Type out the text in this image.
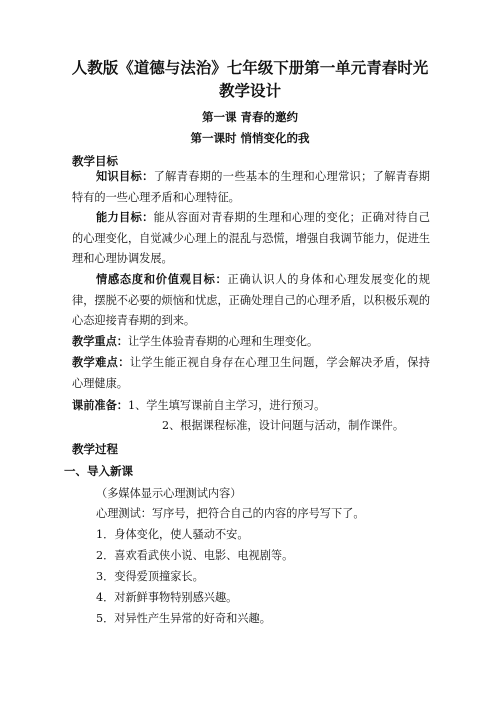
人教版《道德与法治》七年级下册第一单元青春时光
教学设计
第一课 青春的邀约
第一课时 悄悄变化的我
教学目标
知识目标：了解青春期的一些基本的生理和心理常识；了解青春期特有的一些心理矛盾和心理特征。
能力目标：能从容面对青春期的生理和心理的变化；正确对待自己的心理变化，自觉减少心理上的混乱与恐慌，增强自我调节能力，促进生理和心理协调发展。
情感态度和价值观目标：正确认识人的身体和心理发展变化的规律，摆脱不必要的烦恼和忧虑，正确处理自己的心理矛盾，以积极乐观的心态迎接青春期的到来。
教学重点：让学生体验青春期的心理和生理变化。
教学难点：让学生能正视自身存在心理卫生问题，学会解决矛盾，保持心理健康。
课前准备：1、学生填写课前自主学习，进行预习。
2、根据课程标准，设计问题与活动，制作课件。
教学过程
一、导入新课
（多媒体显示心理测试内容）
心理测试：写序号，把符合自己的内容的序号写下了。
1．身体变化，使人骚动不安。
2．喜欢看武侠小说、电影、电视剧等。
3．变得爱顶撞家长。
4．对新鲜事物特别感兴趣。
5．对异性产生异常的好奇和兴趣。
